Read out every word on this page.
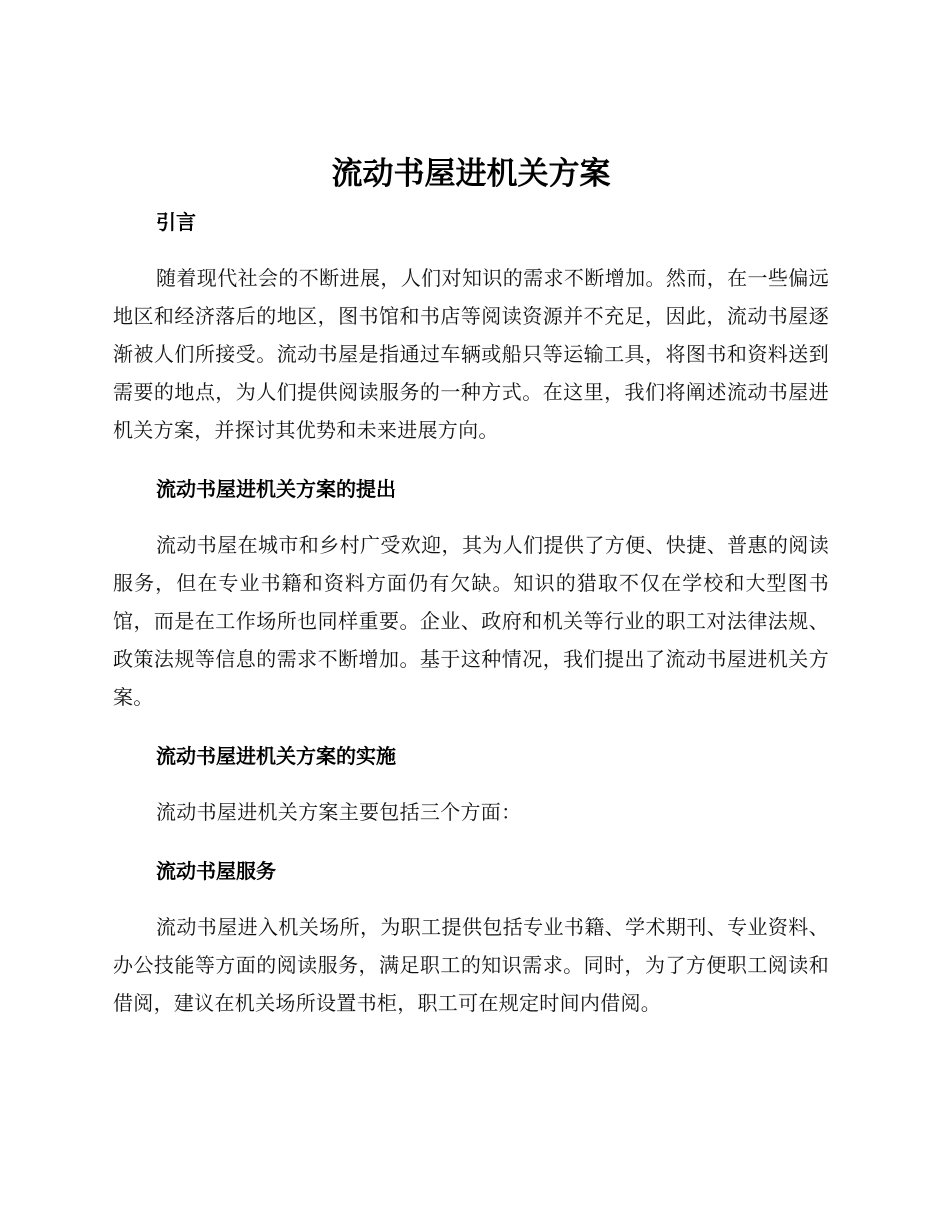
流动书屋进机关方案
引言

随着现代社会的不断进展，人们对知识的需求不断增加。然而，在一些偏远地区和经济落后的地区，图书馆和书店等阅读资源并不充足，因此，流动书屋逐渐被人们所接受。流动书屋是指通过车辆或船只等运输工具，将图书和资料送到需要的地点，为人们提供阅读服务的一种方式。在这里，我们将阐述流动书屋进机关方案，并探讨其优势和未来进展方向。

流动书屋进机关方案的提出

流动书屋在城市和乡村广受欢迎，其为人们提供了方便、快捷、普惠的阅读服务，但在专业书籍和资料方面仍有欠缺。知识的猎取不仅在学校和大型图书馆，而是在工作场所也同样重要。企业、政府和机关等行业的职工对法律法规、政策法规等信息的需求不断增加。基于这种情况，我们提出了流动书屋进机关方案。

流动书屋进机关方案的实施

流动书屋进机关方案主要包括三个方面：

流动书屋服务

流动书屋进入机关场所，为职工提供包括专业书籍、学术期刊、专业资料、办公技能等方面的阅读服务，满足职工的知识需求。同时，为了方便职工阅读和借阅，建议在机关场所设置书柜，职工可在规定时间内借阅。
